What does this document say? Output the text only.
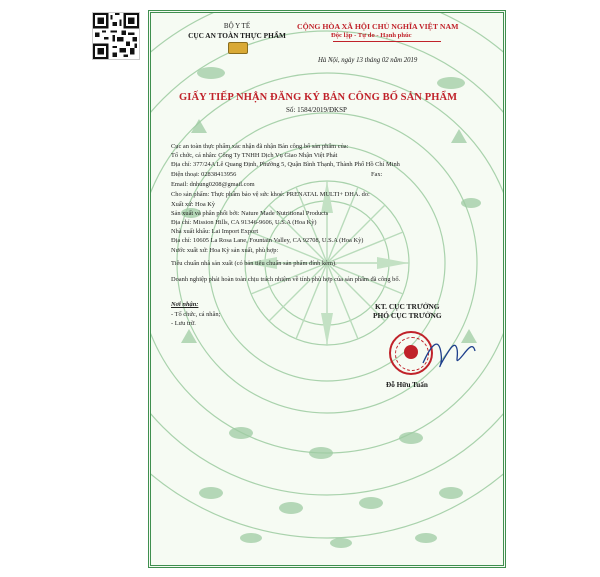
BỘ Y TẾ
CỤC AN TOÀN THỰC PHẨM
CỘNG HÒA XÃ HỘI CHỦ NGHĨA VIỆT NAM
Độc lập - Tự do - Hạnh phúc
Hà Nội, ngày 13 tháng 02 năm 2019
GIẤY TIẾP NHẬN ĐĂNG KÝ BẢN CÔNG BỐ SẢN PHẨM
Số: 1584/2019/ĐKSP
Cục an toàn thực phẩm xác nhận đã nhận Bản công bố sản phẩm của:
Tổ chức, cá nhân: Công Ty TNHH Dịch Vụ Giao Nhận Việt Phát
Địa chỉ: 377/24A Lê Quang Định, Phường 5, Quận Bình Thạnh, Thành Phố Hồ Chí Minh
Điện thoại: 02838413956	Fax:
Email: dnhung0208@gmail.com
Cho sản phẩm: Thực phẩm bảo vệ sức khoẻ: PRENATAL MULTI+ DHA. do:
Xuất xứ: Hoa Kỳ
Sản xuất và phân phối bởi: Nature Made Nutritional Products
Địa chỉ: Mission Hills, CA 91346-9606, U.S.A (Hoa Kỳ)
Nhà xuất khẩu: Lai Import Export
Địa chỉ: 10605 La Rosa Lane, Fountain Valley, CA 92708, U.S.A (Hoa Kỳ)
Nước xuất xứ: Hoa Kỳ sản xuất, phù hợp:
Tiêu chuẩn nhà sản xuất (có bản tiêu chuẩn sản phẩm đính kèm).
Doanh nghiệp phải hoàn toàn chịu trách nhiệm về tính phù hợp của sản phẩm đã công bố.
Nơi nhận:
- Tổ chức, cá nhân;
- Lưu trữ.
KT. CỤC TRƯỞNG
PHÓ CỤC TRƯỞNG
Đỗ Hữu Tuấn
